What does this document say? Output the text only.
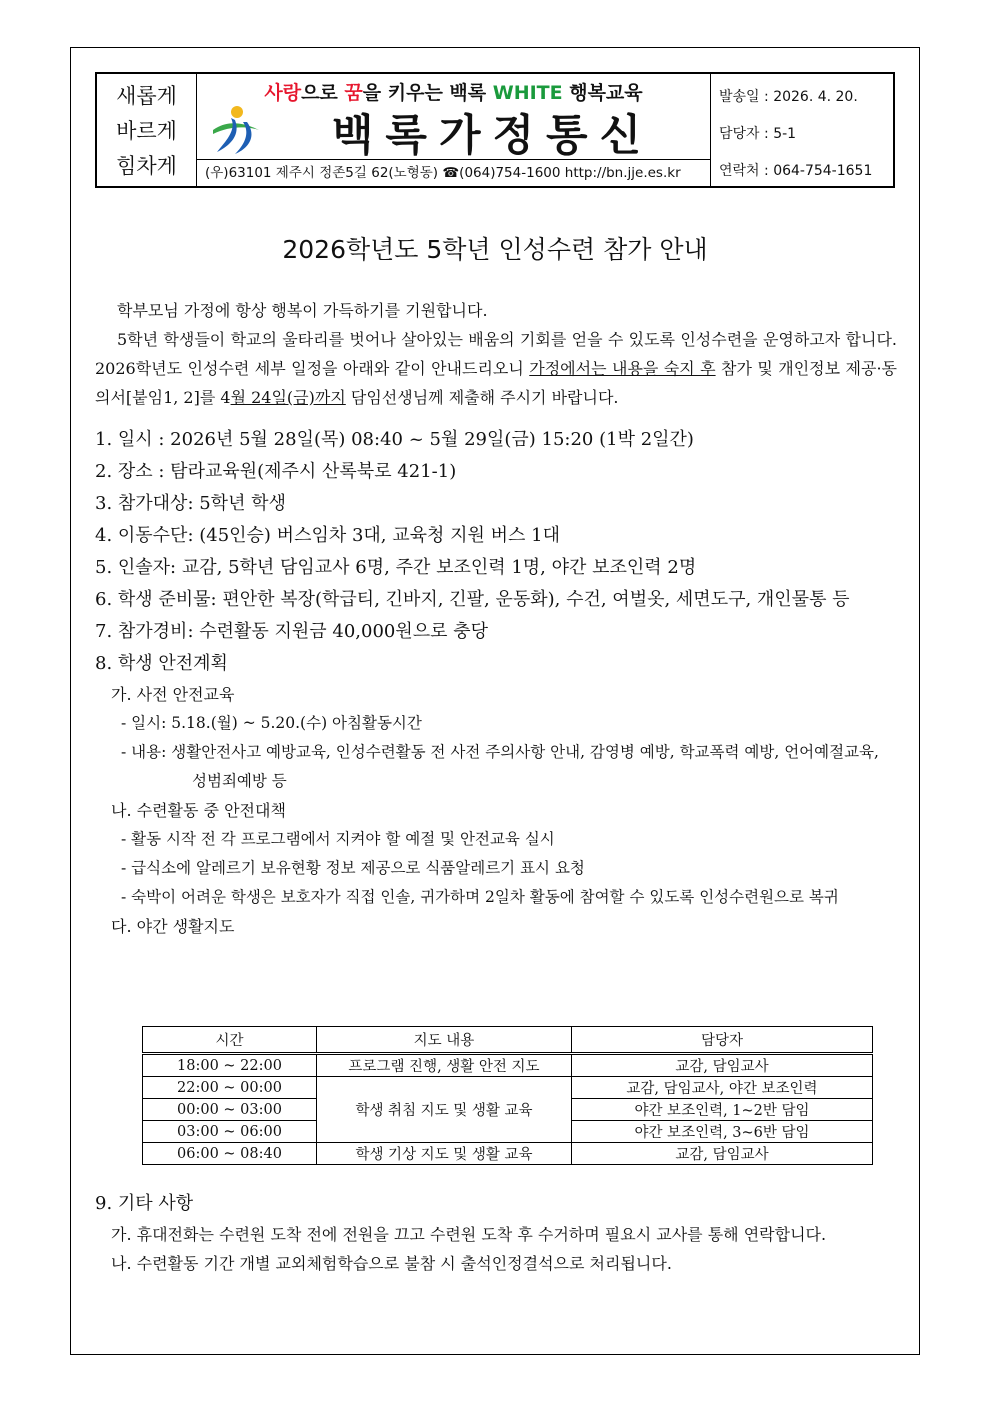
새롭게
바르게
힘차게
사랑으로 꿈을 키우는 백록 WHITE 행복교육
백록가정통신
(우)63101 제주시 정존5길 62(노형동) ☎(064)754-1600 http://bn.jje.es.kr
발송일 : 2026. 4. 20.
담당자 : 5-1
연락처 : 064-754-1651
2026학년도 5학년 인성수련 참가 안내
학부모님 가정에 항상 행복이 가득하기를 기원합니다.
5학년 학생들이 학교의 울타리를 벗어나 살아있는 배움의 기회를 얻을 수 있도록 인성수련을 운영하고자 합니다. 2026학년도 인성수련 세부 일정을 아래와 같이 안내드리오니 가정에서는 내용을 숙지 후 참가 및 개인정보 제공·동의서[붙임1, 2]를 4월 24일(금)까지 담임선생님께 제출해 주시기 바랍니다.
1. 일시 : 2026년 5월 28일(목) 08:40 ~ 5월 29일(금) 15:20 (1박 2일간)
2. 장소 : 탐라교육원(제주시 산록북로 421-1)
3. 참가대상: 5학년 학생
4. 이동수단: (45인승) 버스임차 3대, 교육청 지원 버스 1대
5. 인솔자: 교감, 5학년 담임교사 6명, 주간 보조인력 1명, 야간 보조인력 2명
6. 학생 준비물: 편안한 복장(학급티, 긴바지, 긴팔, 운동화), 수건, 여벌옷, 세면도구, 개인물통 등
7. 참가경비: 수련활동 지원금 40,000원으로 충당
8. 학생 안전계획
가. 사전 안전교육
- 일시: 5.18.(월) ~ 5.20.(수) 아침활동시간
- 내용: 생활안전사고 예방교육, 인성수련활동 전 사전 주의사항 안내, 감영병 예방, 학교폭력 예방, 언어예절교육, 성범죄예방 등
나. 수련활동 중 안전대책
- 활동 시작 전 각 프로그램에서 지켜야 할 예절 및 안전교육 실시
- 급식소에 알레르기 보유현황 정보 제공으로 식품알레르기 표시 요청
- 숙박이 어려운 학생은 보호자가 직접 인솔, 귀가하며 2일차 활동에 참여할 수 있도록 인성수련원으로 복귀
다. 야간 생활지도
시간	지도 내용	담당자
18:00 ~ 22:00	프로그램 진행, 생활 안전 지도	교감, 담임교사
22:00 ~ 00:00	학생 취침 지도 및 생활 교육	교감, 담임교사, 야간 보조인력
00:00 ~ 03:00		야간 보조인력, 1~2반 담임
03:00 ~ 06:00		야간 보조인력, 3~6반 담임
06:00 ~ 08:40	학생 기상 지도 및 생활 교육	교감, 담임교사
9. 기타 사항
가. 휴대전화는 수련원 도착 전에 전원을 끄고 수련원 도착 후 수거하며 필요시 교사를 통해 연락합니다.
나. 수련활동 기간 개별 교외체험학습으로 불참 시 출석인정결석으로 처리됩니다.
